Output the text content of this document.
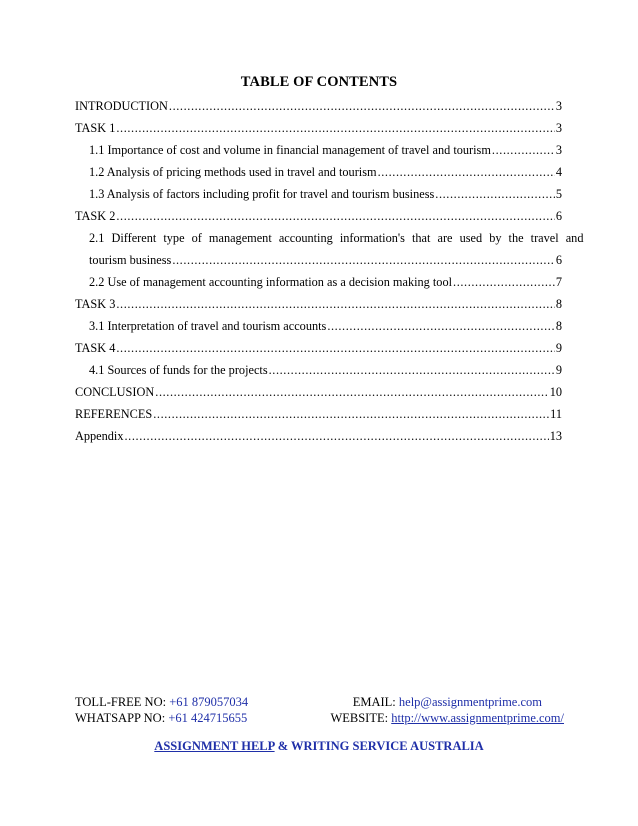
TABLE OF CONTENTS
INTRODUCTION .....	3
TASK 1 .....	3
1.1 Importance of cost and volume in financial management of travel and tourism .....	3
1.2 Analysis of pricing methods used in travel and tourism .....	4
1.3 Analysis of factors including profit for travel and tourism business .....	5
TASK 2 .....	6
2.1 Different type of management accounting information's that are used by the travel and
tourism business .....	6
2.2 Use of management accounting information as a decision making tool .....	7
TASK 3 .....	8
3.1 Interpretation of travel and tourism accounts .....	8
TASK 4 .....	9
4.1 Sources of funds for the projects .....	9
CONCLUSION .....	10
REFERENCES .....	11
Appendix .....	13
TOLL-FREE NO: +61 879057034	EMAIL: help@assignmentprime.com
WHATSAPP NO: +61 424715655	WEBSITE: http://www.assignmentprime.com/
ASSIGNMENT HELP & WRITING SERVICE AUSTRALIA
